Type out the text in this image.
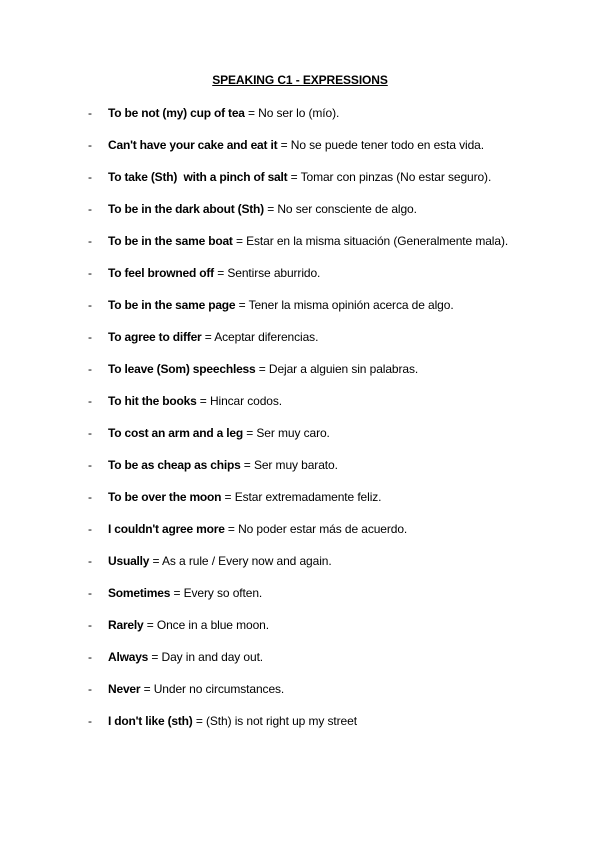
SPEAKING C1 - EXPRESSIONS
- To be not (my) cup of tea = No ser lo (mío).
- Can't have your cake and eat it = No se puede tener todo en esta vida.
- To take (Sth)  with a pinch of salt = Tomar con pinzas (No estar seguro).
- To be in the dark about (Sth) = No ser consciente de algo.
- To be in the same boat = Estar en la misma situación (Generalmente mala).
- To feel browned off = Sentirse aburrido.
- To be in the same page = Tener la misma opinión acerca de algo.
- To agree to differ = Aceptar diferencias.
- To leave (Som) speechless = Dejar a alguien sin palabras.
- To hit the books = Hincar codos.
- To cost an arm and a leg = Ser muy caro.
- To be as cheap as chips = Ser muy barato.
- To be over the moon = Estar extremadamente feliz.
- I couldn't agree more = No poder estar más de acuerdo.
- Usually = As a rule / Every now and again.
- Sometimes = Every so often.
- Rarely = Once in a blue moon.
- Always = Day in and day out.
- Never = Under no circumstances.
- I don't like (sth) = (Sth) is not right up my street
